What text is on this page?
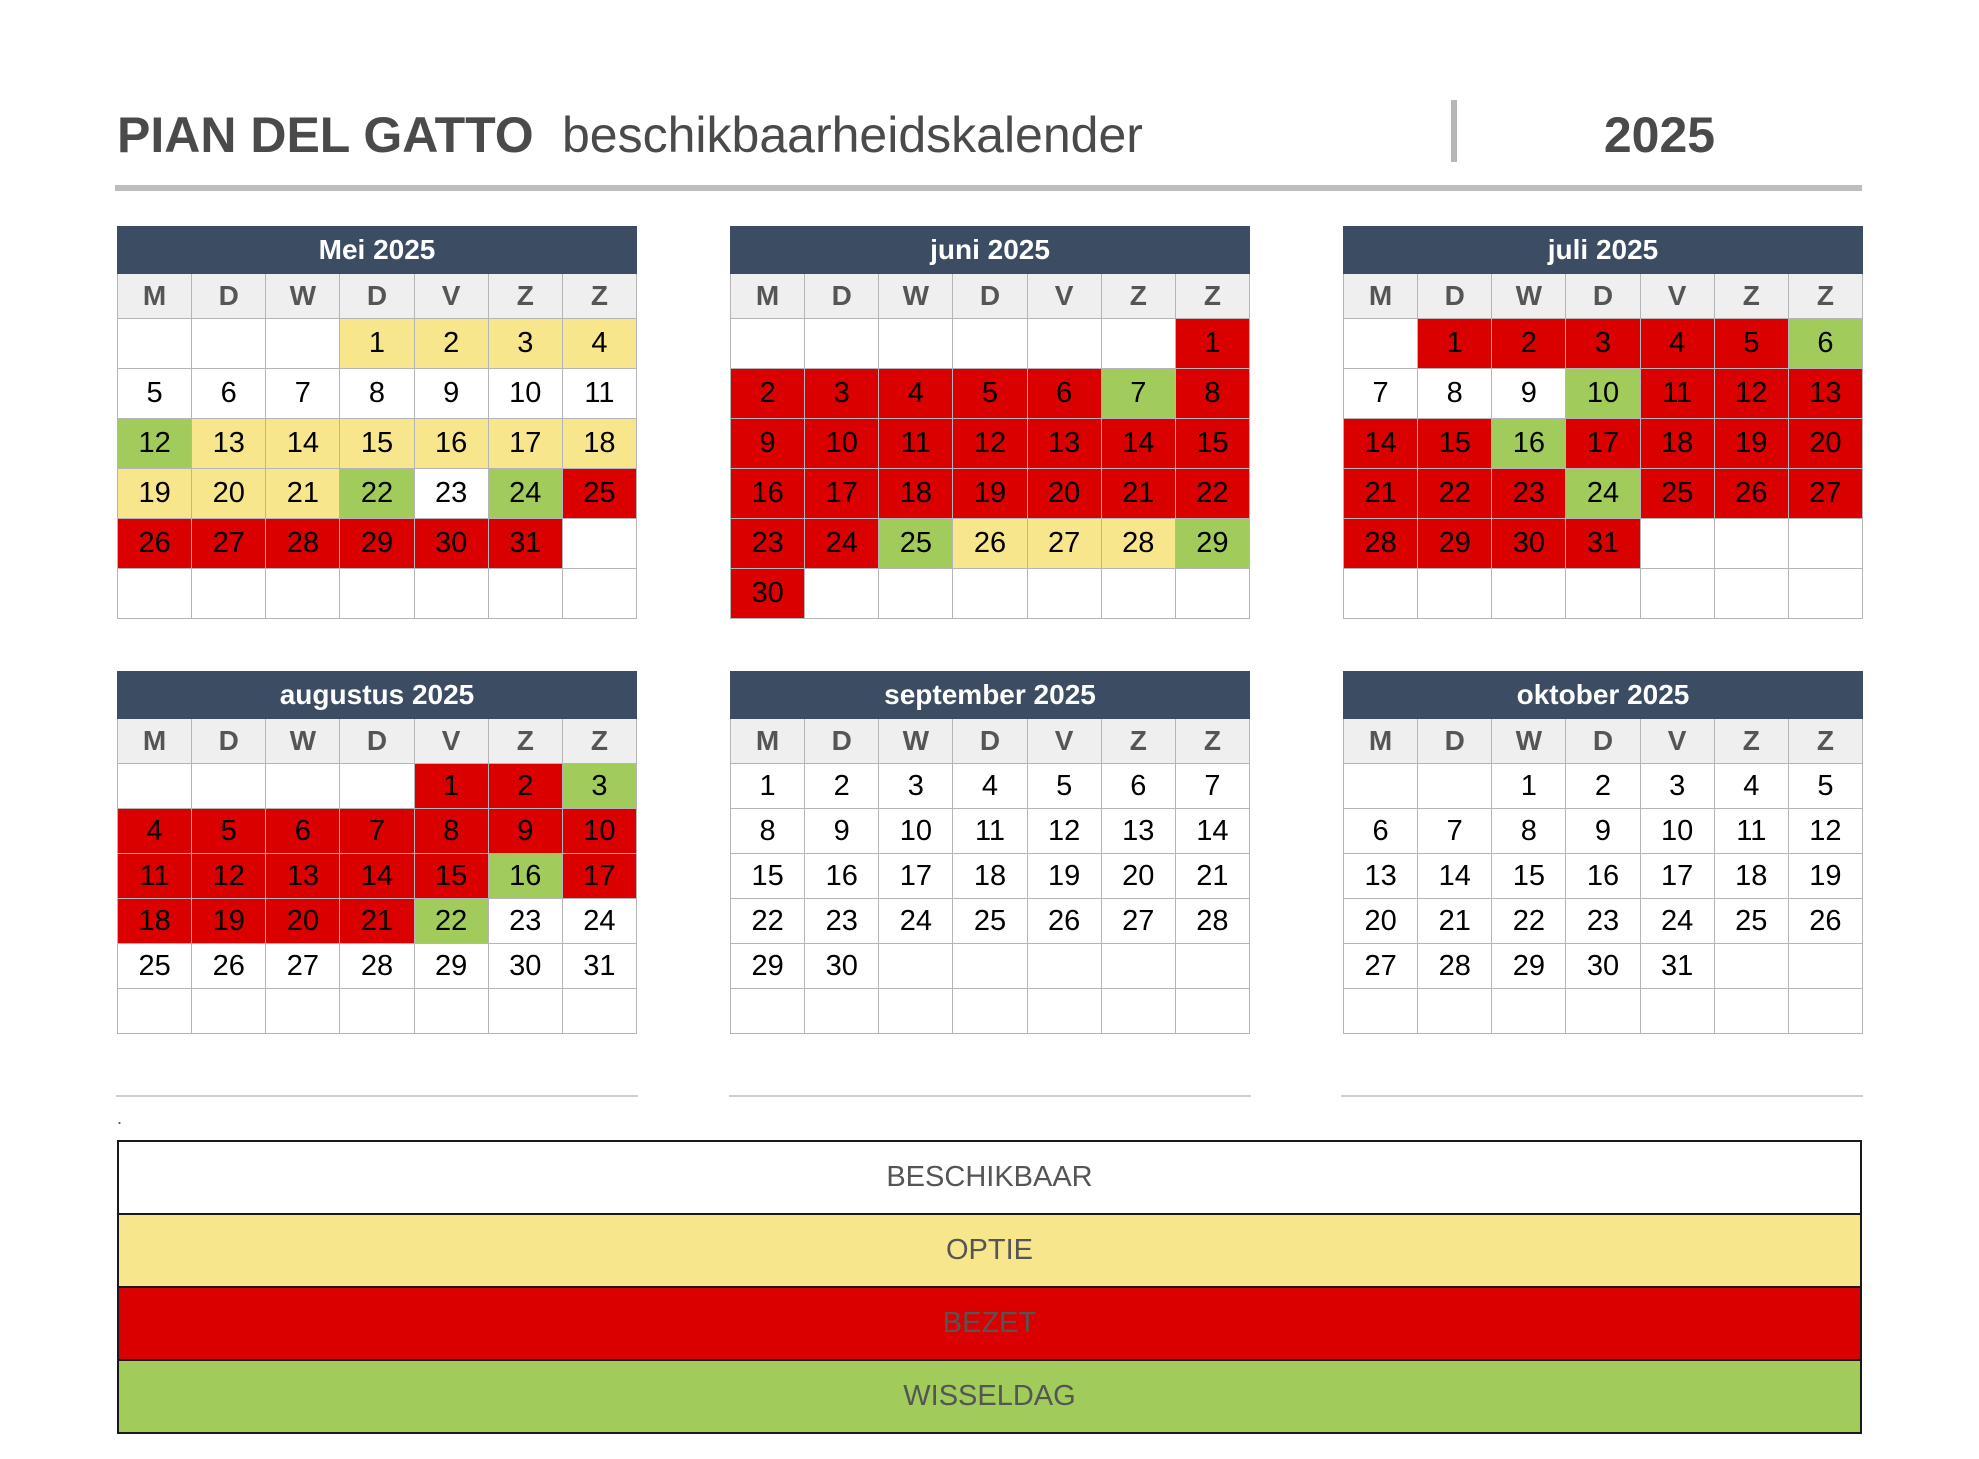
PIAN DEL GATTO beschikbaarheidskalender	2025
Mei 2025						
M	D	W	D	V	Z	Z
			1	2	3	4
5	6	7	8	9	10	11
12	13	14	15	16	17	18
19	20	21	22	23	24	25
26	27	28	29	30	31	

juni 2025						
M	D	W	D	V	Z	Z
						1
2	3	4	5	6	7	8
9	10	11	12	13	14	15
16	17	18	19	20	21	22
23	24	25	26	27	28	29
30						
juli 2025						
M	D	W	D	V	Z	Z
	1	2	3	4	5	6
7	8	9	10	11	12	13
14	15	16	17	18	19	20
21	22	23	24	25	26	27
28	29	30	31			

augustus 2025						
M	D	W	D	V	Z	Z
				1	2	3
4	5	6	7	8	9	10
11	12	13	14	15	16	17
18	19	20	21	22	23	24
25	26	27	28	29	30	31

september 2025						
M	D	W	D	V	Z	Z
1	2	3	4	5	6	7
8	9	10	11	12	13	14
15	16	17	18	19	20	21
22	23	24	25	26	27	28
29	30					

oktober 2025						
M	D	W	D	V	Z	Z
		1	2	3	4	5
6	7	8	9	10	11	12
13	14	15	16	17	18	19
20	21	22	23	24	25	26
27	28	29	30	31		

.
BESCHIKBAAR
OPTIE
BEZET
WISSELDAG
